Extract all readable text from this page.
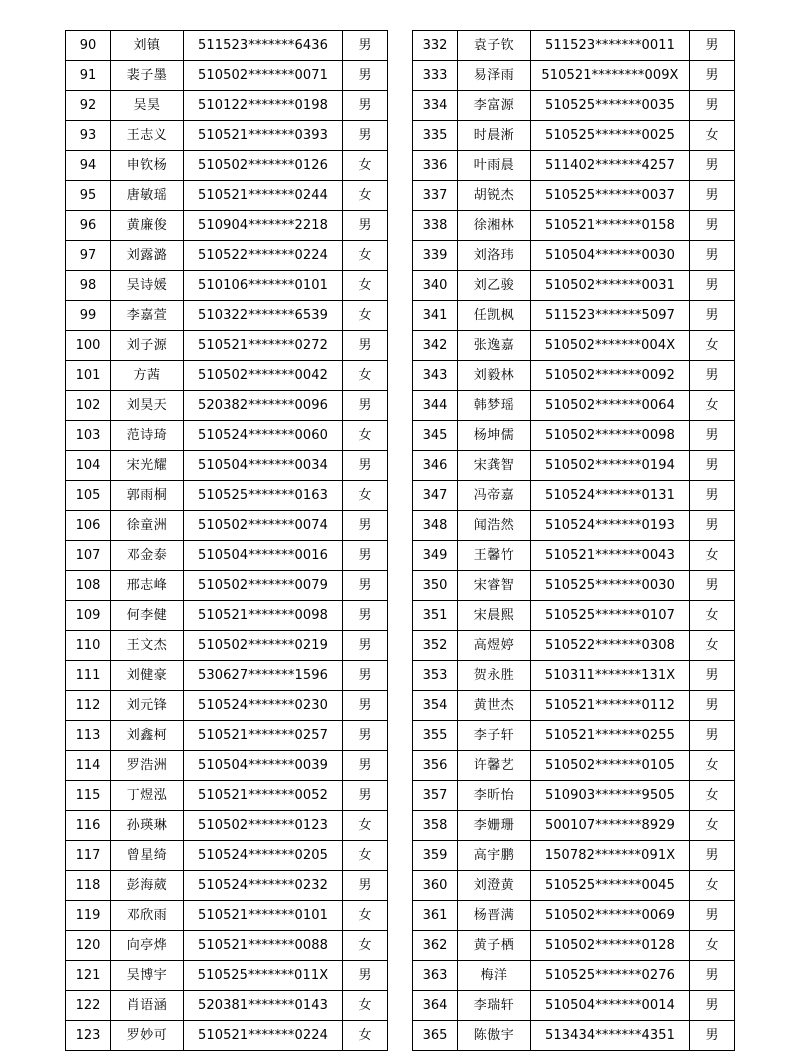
90	刘镇	511523*******6436	男
91	裴子墨	510502*******0071	男
92	吴昊	510122*******0198	男
93	王志义	510521*******0393	男
94	申钦杨	510502*******0126	女
95	唐敏瑶	510521*******0244	女
96	黄廉俊	510904*******2218	男
97	刘露潞	510522*******0224	女
98	吴诗媛	510106*******0101	女
99	李嘉萱	510322*******6539	女
100	刘子源	510521*******0272	男
101	方茜	510502*******0042	女
102	刘昊天	520382*******0096	男
103	范诗琦	510524*******0060	女
104	宋光耀	510504*******0034	男
105	郭雨桐	510525*******0163	女
106	徐童洲	510502*******0074	男
107	邓金泰	510504*******0016	男
108	邢志峰	510502*******0079	男
109	何李健	510521*******0098	男
110	王文杰	510502*******0219	男
111	刘健豪	530627*******1596	男
112	刘元锋	510524*******0230	男
113	刘鑫柯	510521*******0257	男
114	罗浩洲	510504*******0039	男
115	丁煜泓	510521*******0052	男
116	孙瑛琳	510502*******0123	女
117	曾星绮	510524*******0205	女
118	彭海葳	510524*******0232	男
119	邓欣雨	510521*******0101	女
120	向亭烨	510521*******0088	女
121	吴博宇	510525*******011X	男
122	肖语涵	520381*******0143	女
123	罗妙可	510521*******0224	女
332	袁子钦	511523*******0011	男
333	易泽雨	510521********009X	男
334	李富源	510525*******0035	男
335	时晨淅	510525*******0025	女
336	叶雨晨	511402*******4257	男
337	胡锐杰	510525*******0037	男
338	徐湘林	510521*******0158	男
339	刘洛玮	510504*******0030	男
340	刘乙骏	510502*******0031	男
341	任凯枫	511523*******5097	男
342	张逸嘉	510502*******004X	女
343	刘毅林	510502*******0092	男
344	韩梦瑶	510502*******0064	女
345	杨坤儒	510502*******0098	男
346	宋龚智	510502*******0194	男
347	冯帝嘉	510524*******0131	男
348	闻浩然	510524*******0193	男
349	王馨竹	510521*******0043	女
350	宋睿智	510525*******0030	男
351	宋晨熙	510525*******0107	女
352	高煜婷	510522*******0308	女
353	贺永胜	510311*******131X	男
354	黄世杰	510521*******0112	男
355	李子轩	510521*******0255	男
356	许馨艺	510502*******0105	女
357	李昕怡	510903*******9505	女
358	李姗珊	500107*******8929	女
359	高宇鹏	150782*******091X	男
360	刘澄黄	510525*******0045	女
361	杨晋满	510502*******0069	男
362	黄子栖	510502*******0128	女
363	梅洋	510525*******0276	男
364	李瑞轩	510504*******0014	男
365	陈傲宇	513434*******4351	男
